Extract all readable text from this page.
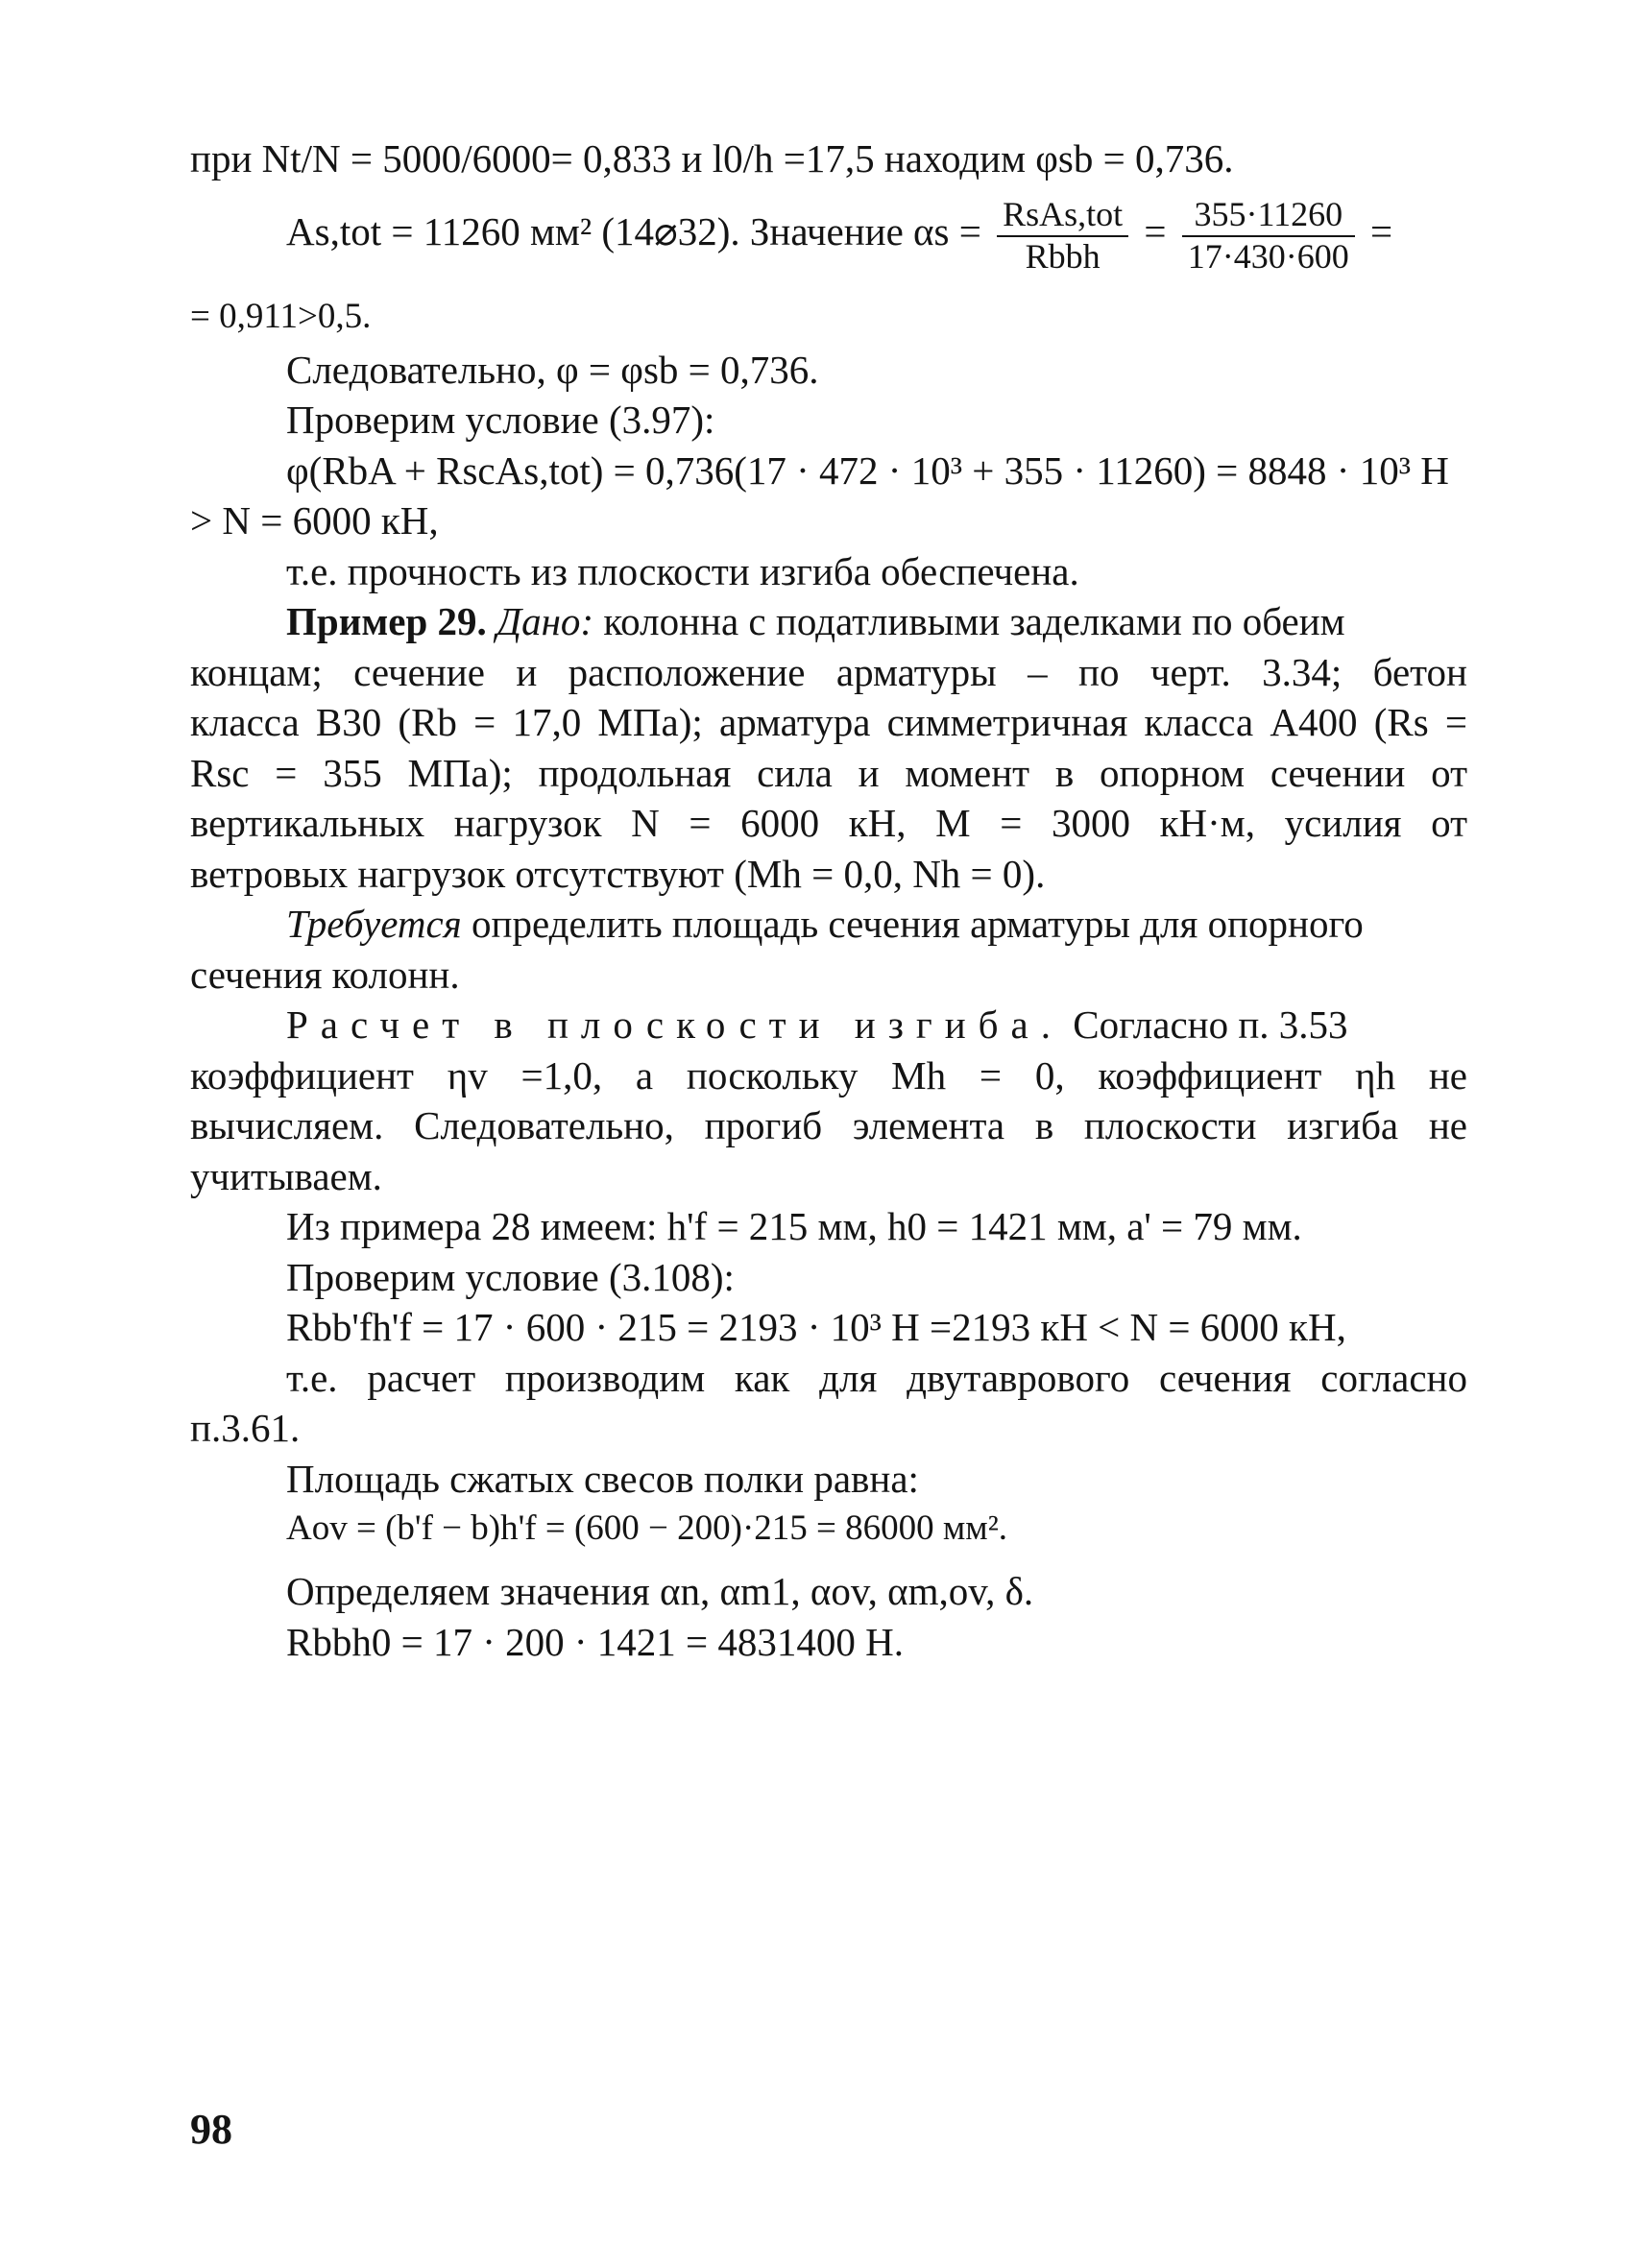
при Nt/N = 5000/6000= 0,833 и l0/h =17,5 находим φsb = 0,736.
As,tot = 11260 мм² (14⌀32). Значение $\alpha s = \frac{\text{RsAs,tot}}{\text{Rbbh}} = \frac{355\cdot 11260}{17\cdot 430\cdot 600}$ =
= 0,911>0,5.
Следовательно, φ = φsb = 0,736.
Проверим условие (3.97):
φ(RbA + RscAs,tot) = 0,736(17 · 472 · 10³ + 355 · 11260) = 8848 · 10³ Н
> N = 6000 кН,
т.е. прочность из плоскости изгиба обеспечена.
Пример 29. Дано: колонна с податливыми заделками по обеим
концам; сечение и расположение арматуры – по черт. 3.34; бетон
класса В30 (Rb = 17,0 МПа); арматура симметричная класса А400 (Rs =
Rsc = 355 МПа); продольная сила и момент в опорном сечении от
вертикальных нагрузок N = 6000 кН, M = 3000 кН·м, усилия от
ветровых нагрузок отсутствуют (Mh = 0,0, Nh = 0).
Требуется определить площадь сечения арматуры для опорного
сечения колонн.
Расчет в плоскости изгиба. Согласно п. 3.53
коэффициент ηv =1,0, а поскольку Mh = 0, коэффициент ηh не
вычисляем. Следовательно, прогиб элемента в плоскости изгиба не
учитываем.
Из примера 28 имеем: h'f = 215 мм, h0 = 1421 мм, a' = 79 мм.
Проверим условие (3.108):
Rbb'fh'f = 17 · 600 · 215 = 2193 · 10³ Н =2193 кН < N = 6000 кН,
т.е. расчет производим как для двутаврового сечения согласно
п.3.61.
Площадь сжатых свесов полки равна:
Aov = (b'f − b)h'f = (600 − 200)·215 = 86000 мм².
Определяем значения αn, αm1, αov, αm,ov, δ.
Rbbh0 = 17 · 200 · 1421 = 4831400 Н.
98
